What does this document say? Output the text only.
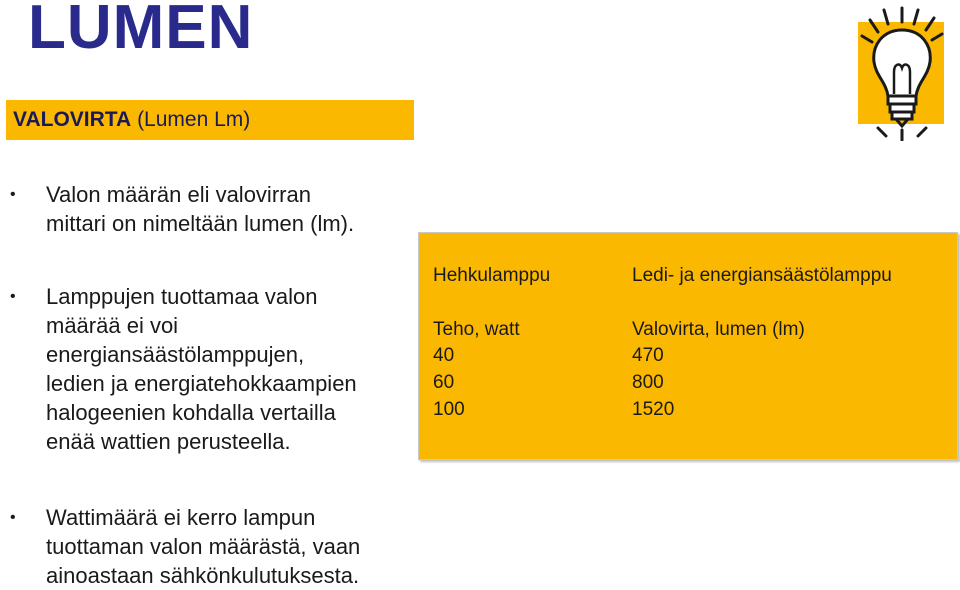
LUMEN
VALOVIRTA (Lumen Lm)
• Valon määrän eli valovirran
mittari on nimeltään lumen (lm).
• Lamppujen tuottamaa valon
määrää ei voi
energiansäästölamppujen,
ledien ja energiatehokkaampien
halogeenien kohdalla vertailla
enää wattien perusteella.
• Wattimäärä ei kerro lampun
tuottaman valon määrästä, vaan
ainoastaan sähkönkulutuksesta.
Hehkulamppu	Ledi- ja energiansäästölamppu
Teho, watt	Valovirta, lumen (lm)
40	470
60	800
100	1520
